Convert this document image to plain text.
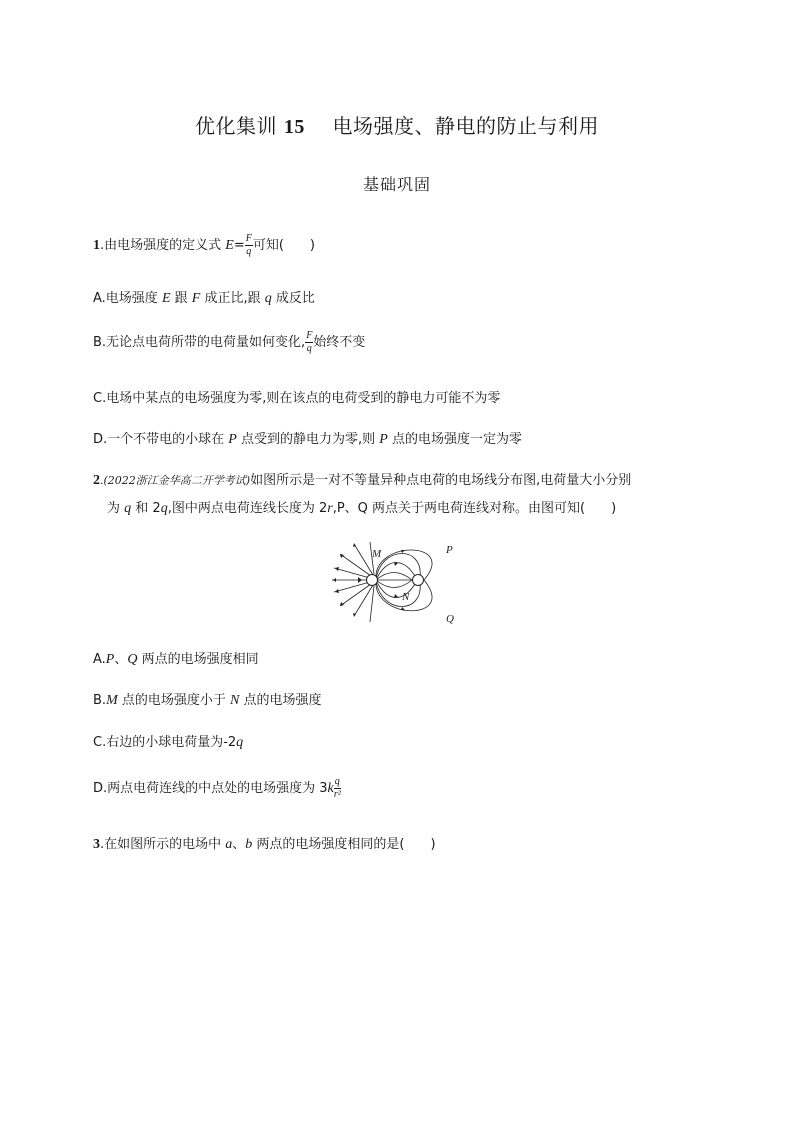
优化集训 15 电场强度、静电的防止与利用
基础巩固
1.由电场强度的定义式 $E= \frac{F}{q}$ 可知(　　)
A.电场强度 E 跟 F 成正比,跟 q 成反比
B.无论点电荷所带的电荷量如何变化, $\frac{F}{q}$ 始终不变
C.电场中某点的电场强度为零,则在该点的电荷受到的静电力可能不为零
D.一个不带电的小球在 P 点受到的静电力为零,则 P 点的电场强度一定为零
2.(2022浙江金华高二开学考试)如图所示是一对不等量异种点电荷的电场线分布图,电荷量大小分别
为 q 和 2q,图中两点电荷连线长度为 2r,P、Q 两点关于两电荷连线对称。由图可知(　　)
M	P
N
Q
A.P、Q 两点的电场强度相同
B.M 点的电场强度小于 N 点的电场强度
C.右边的小球电荷量为-2q
D.两点电荷连线的中点处的电场强度为 $3k \frac{q}{\text{r²}}$
3.在如图所示的电场中 a、b 两点的电场强度相同的是(　　)
